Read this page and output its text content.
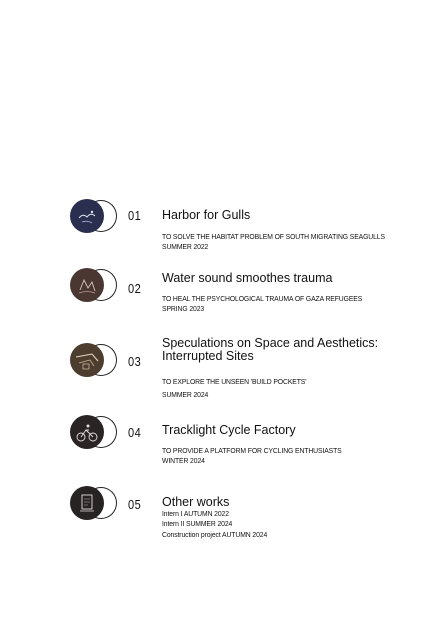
01 Harbor for Gulls
TO SOLVE THE HABITAT PROBLEM OF SOUTH MIGRATING SEAGULLS
SUMMER 2022
02
Water sound smoothes trauma
TO HEAL THE PSYCHOLOGICAL TRAUMA OF GAZA REFUGEES
SPRING 2023
03
Speculations on Space and Aesthetics:
Interrupted Sites
TO EXPLORE THE UNSEEN 'BUILD POCKETS'
SUMMER 2024
04 Tracklight Cycle Factory
TO PROVIDE A PLATFORM FOR CYCLING ENTHUSIASTS
WINTER 2024
05 Other works
Intern I AUTUMN 2022
Intern II SUMMER 2024
Construction project AUTUMN 2024
